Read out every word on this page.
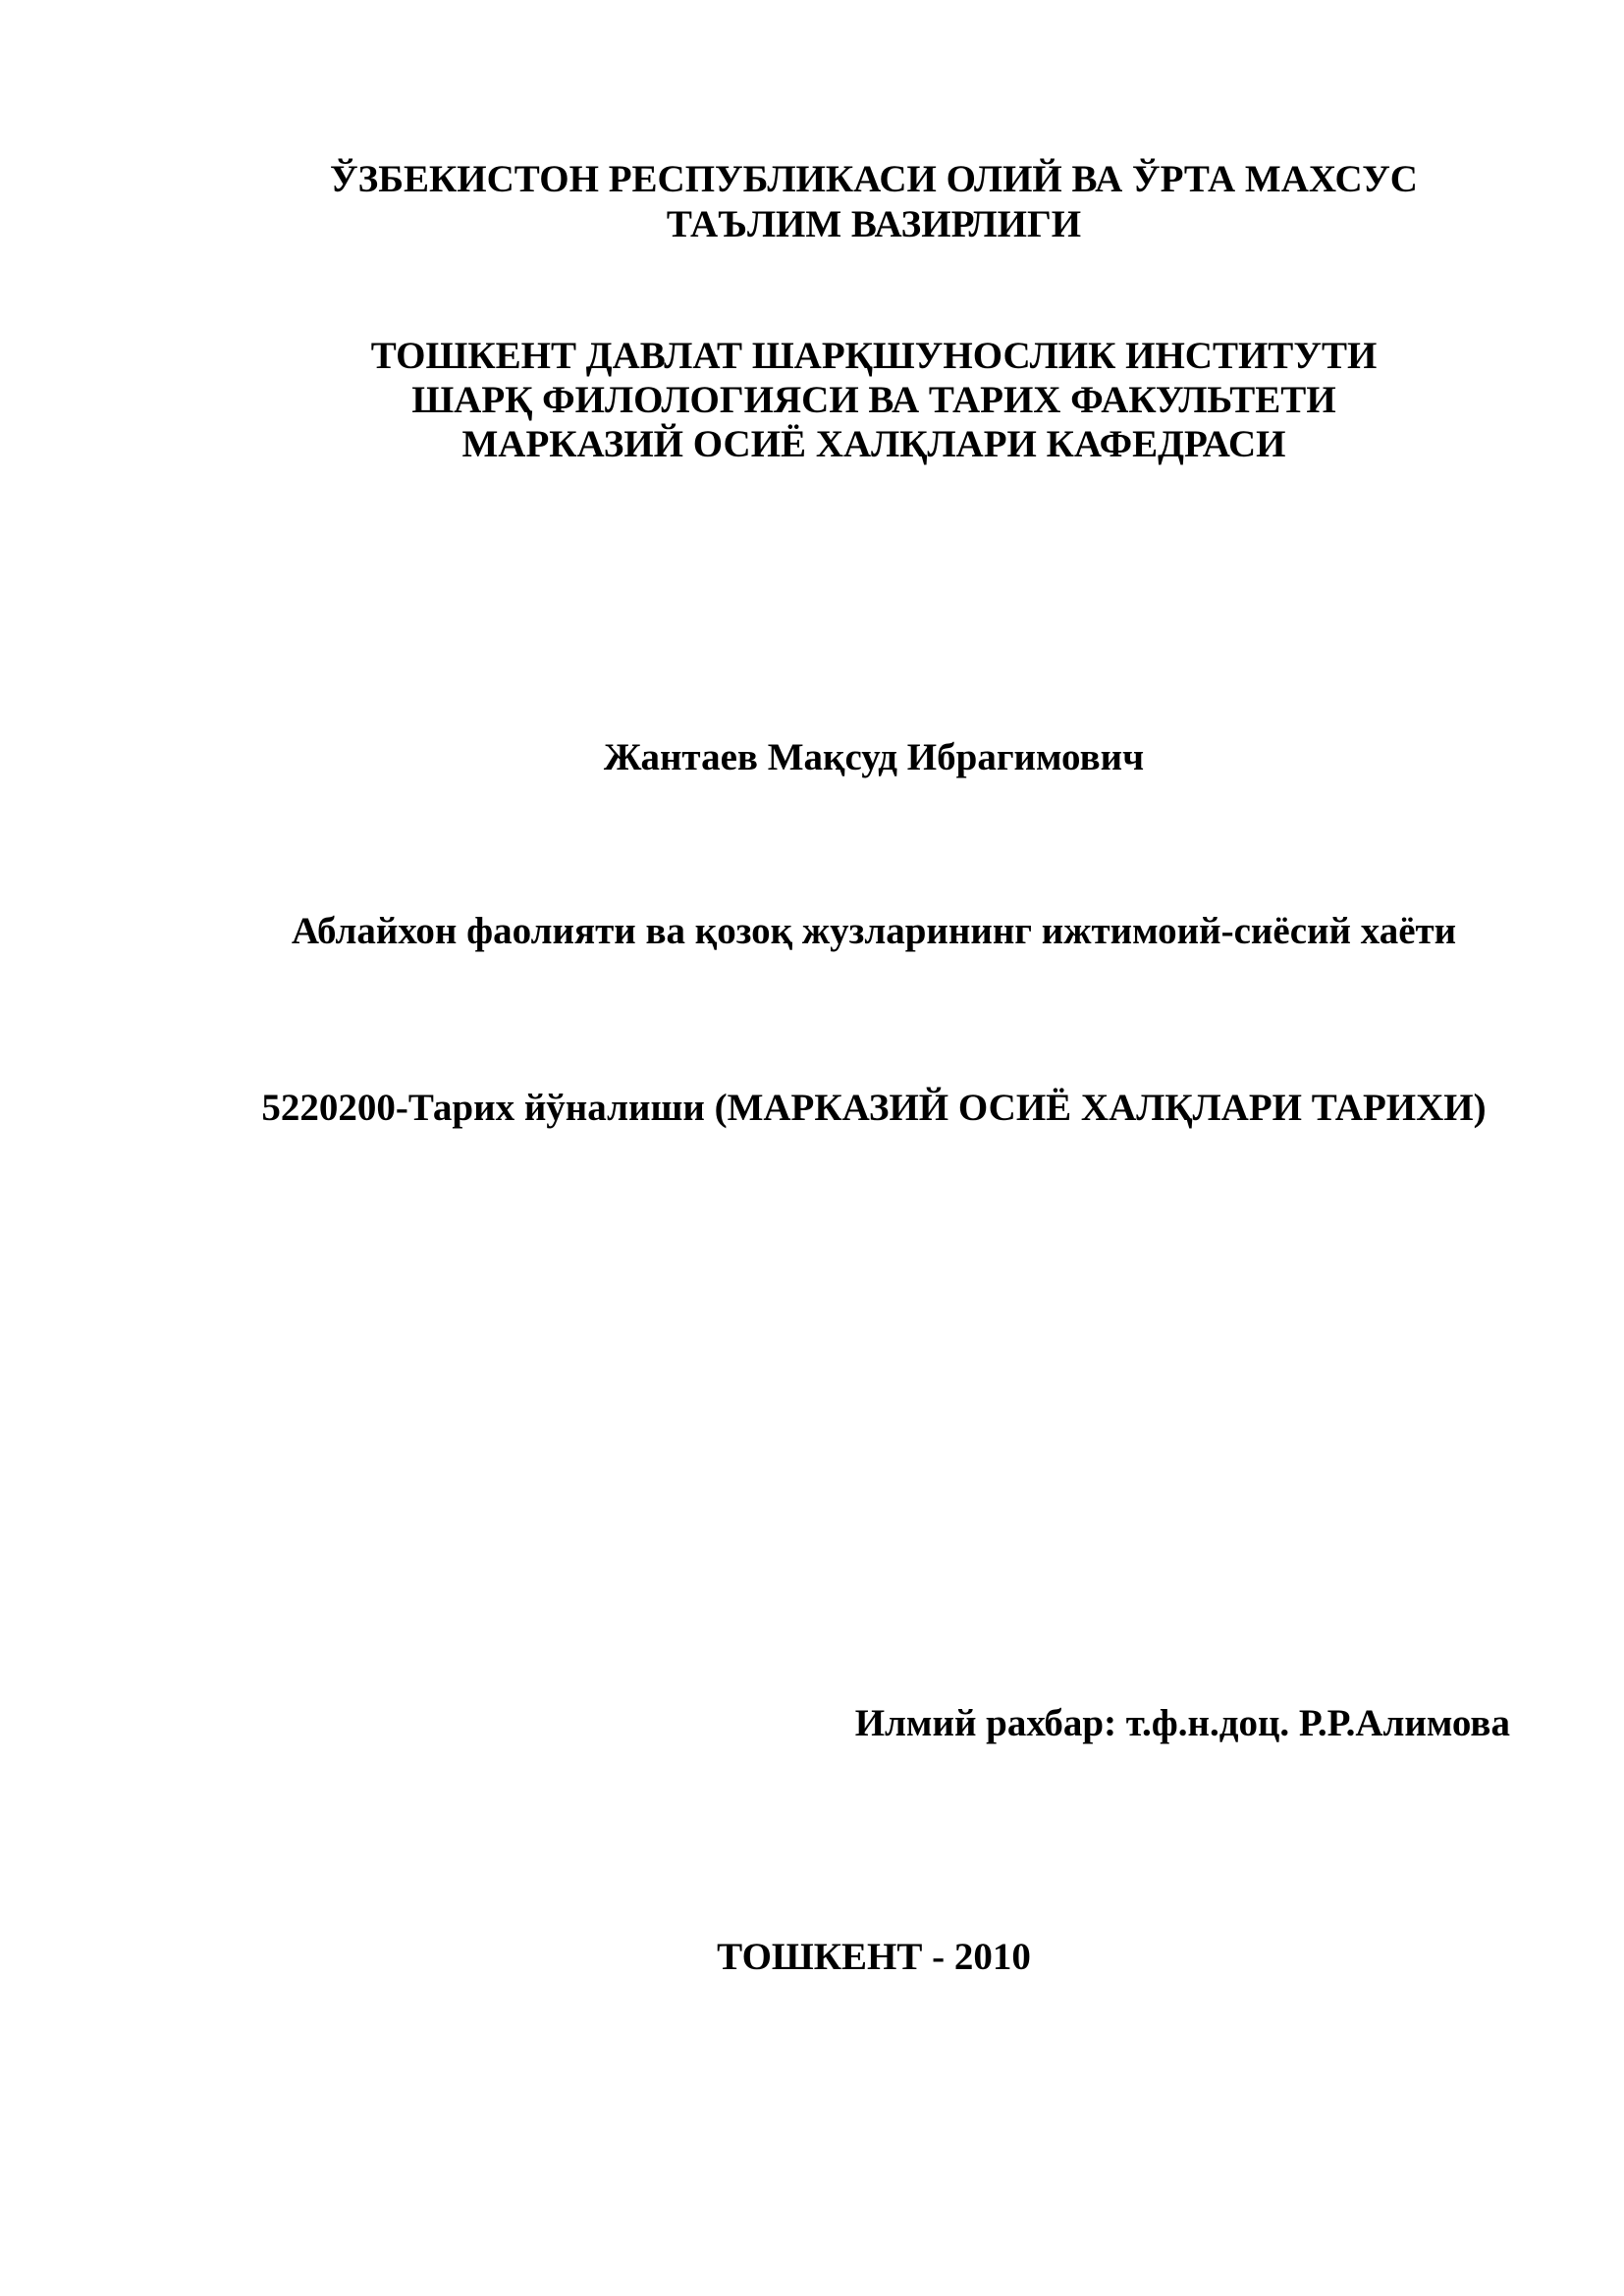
ЎЗБЕКИСТОН РЕСПУБЛИКАСИ ОЛИЙ ВА ЎРТА МАХСУС
ТАЪЛИМ ВАЗИРЛИГИ
ТОШКЕНТ ДАВЛАТ ШАРҚШУНОСЛИК ИНСТИТУТИ
ШАРҚ ФИЛОЛОГИЯСИ ВА ТАРИХ ФАКУЛЬТЕТИ
МАРКАЗИЙ ОСИЁ ХАЛҚЛАРИ КАФЕДРАСИ
Жантаев Мақсуд Ибрагимович
Аблайхон фаолияти ва қозоқ жузларининг ижтимоий-сиёсий хаёти
5220200-Тарих йўналиши (МАРКАЗИЙ ОСИЁ ХАЛҚЛАРИ ТАРИХИ)
Илмий рахбар: т.ф.н.доц. Р.Р.Алимова
ТОШКЕНТ - 2010
